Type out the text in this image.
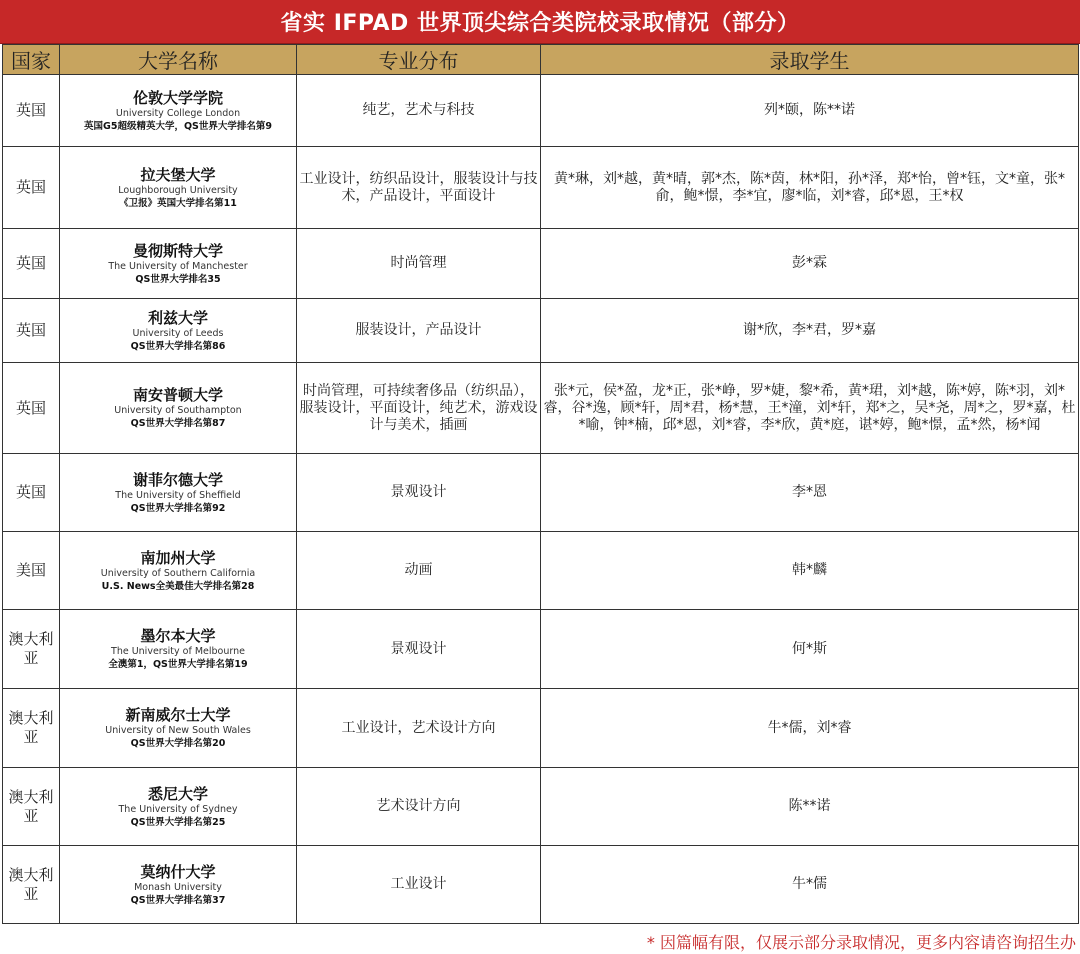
省实 IFPAD 世界顶尖综合类院校录取情况（部分）
国家	大学名称	专业分布	录取学生
英国	伦敦大学学院
University College London
英国G5超级精英大学，QS世界大学排名第9	纯艺，艺术与科技	列*颐，陈**诺
英国	拉夫堡大学
Loughborough University
《卫报》英国大学排名第11	工业设计，纺织品设计，服装设计与技术，产品设计，平面设计	黄*琳，刘*越，黄*晴，郭*杰，陈*茵，林*阳，孙*泽，郑*怡，曾*钰，文*童，张*俞，鲍*憬，李*宜，廖*临，刘*睿，邱*恩，王*权
英国	曼彻斯特大学
The University of Manchester
QS世界大学排名35	时尚管理	彭*霖
英国	利兹大学
University of Leeds
QS世界大学排名第86	服装设计，产品设计	谢*欣，李*君，罗*嘉
英国	南安普顿大学
University of Southampton
QS世界大学排名第87	时尚管理，可持续奢侈品（纺织品），服装设计，平面设计，纯艺术，游戏设计与美术，插画	张*元，侯*盈，龙*正，张*峥，罗*婕，黎*希，黄*珺，刘*越，陈*婷，陈*羽，刘*睿，谷*逸，顾*轩，周*君，杨*慧，王*潼，刘*轩，郑*之，吴*尧，周*之，罗*嘉，杜*喻，钟*楠，邱*恩，刘*睿，李*欣，黄*庭，谌*婷，鲍*憬，孟*然，杨*闻
英国	谢菲尔德大学
The University of Sheffield
QS世界大学排名第92	景观设计	李*恩
美国	南加州大学
University of Southern California
U.S. News全美最佳大学排名第28	动画	韩*麟
澳大利亚	墨尔本大学
The University of Melbourne
全澳第1，QS世界大学排名第19	景观设计	何*斯
澳大利亚	新南威尔士大学
University of New South Wales
QS世界大学排名第20	工业设计，艺术设计方向	牛*儒，刘*睿
澳大利亚	悉尼大学
The University of Sydney
QS世界大学排名第25	艺术设计方向	陈**诺
澳大利亚	莫纳什大学
Monash University
QS世界大学排名第37	工业设计	牛*儒
* 因篇幅有限，仅展示部分录取情况，更多内容请咨询招生办
